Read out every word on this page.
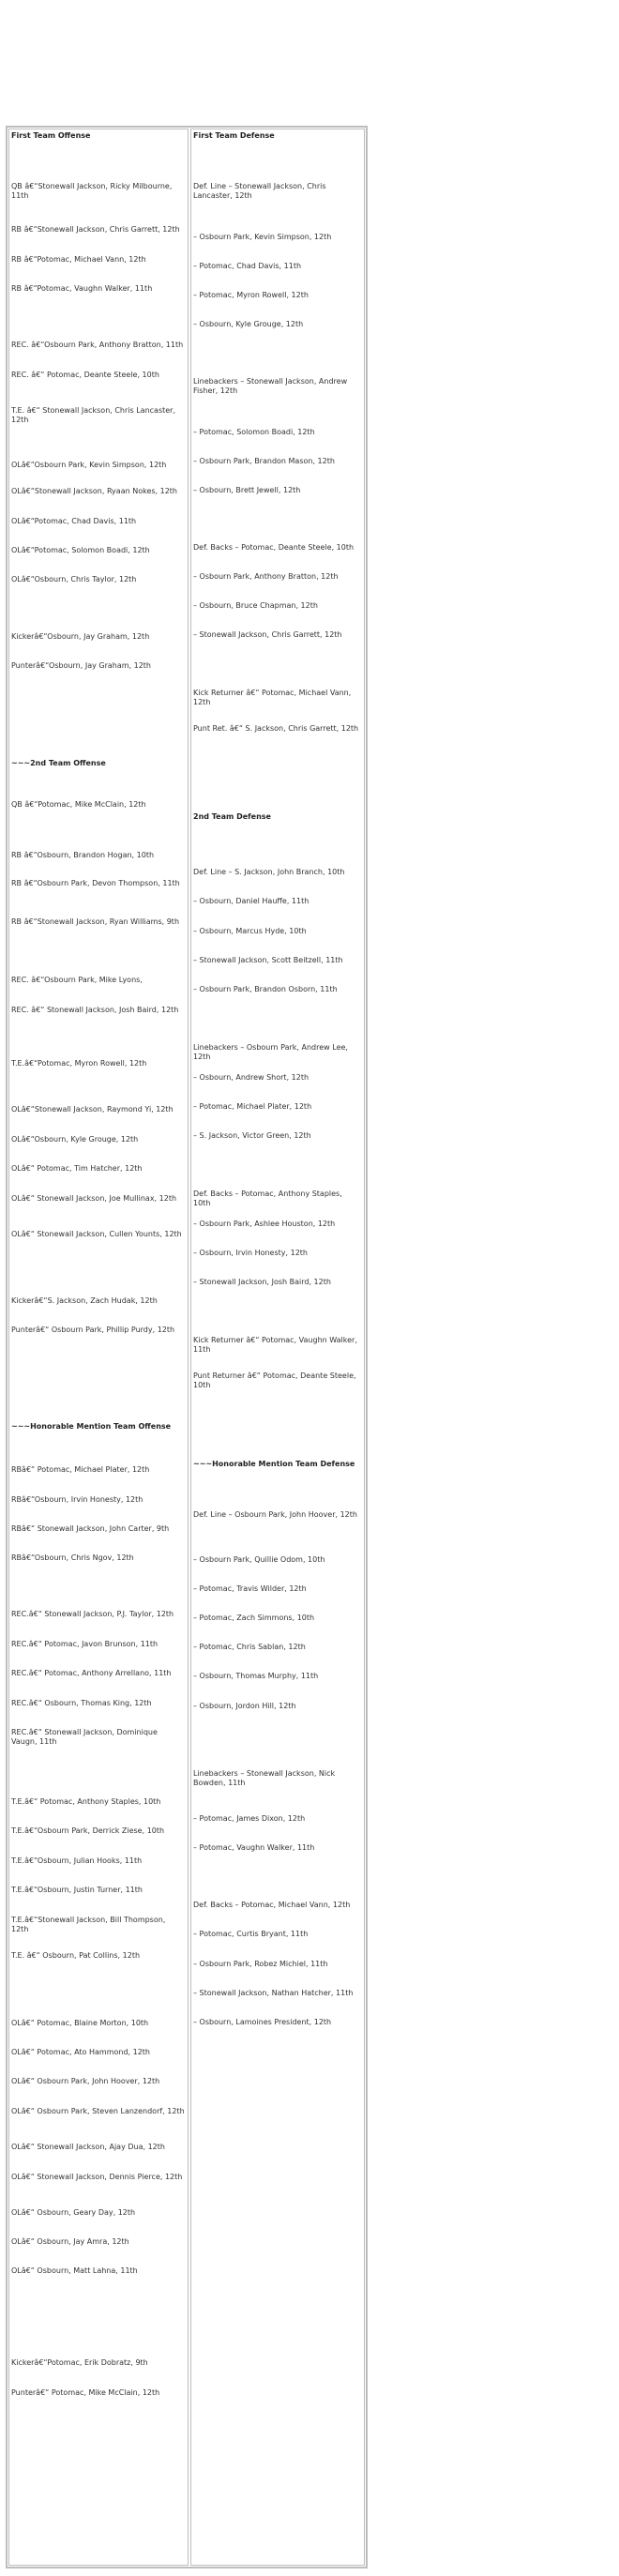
First Team Offense

QB â€“Stonewall Jackson, Ricky Milbourne, 11th

RB â€“Stonewall Jackson, Chris Garrett, 12th

RB â€“Potomac, Michael Vann, 12th

RB â€“Potomac, Vaughn Walker, 11th

REC. â€“Osbourn Park, Anthony Bratton, 11th

REC. â€“ Potomac, Deante Steele, 10th

T.E. â€“ Stonewall Jackson, Chris Lancaster, 12th

OLâ€“Osbourn Park, Kevin Simpson, 12th

OLâ€“Stonewall Jackson, Ryaan Nokes, 12th

OLâ€“Potomac, Chad Davis, 11th

OLâ€“Potomac, Solomon Boadi, 12th

OLâ€“Osbourn, Chris Taylor, 12th

Kickerâ€“Osbourn, Jay Graham, 12th

Punterâ€“Osbourn, Jay Graham, 12th

~~~2nd Team Offense

QB â€“Potomac, Mike McClain, 12th

RB â€“Osbourn, Brandon Hogan, 10th

RB â€“Osbourn Park, Devon Thompson, 11th

RB â€“Stonewall Jackson, Ryan Williams, 9th

REC. â€“Osbourn Park, Mike Lyons,

REC. â€“ Stonewall Jackson, Josh Baird, 12th

T.E.â€“Potomac, Myron Rowell, 12th

OLâ€“Stonewall Jackson, Raymond Yi, 12th

OLâ€“Osbourn, Kyle Grouge, 12th

OLâ€“ Potomac, Tim Hatcher, 12th

OLâ€“ Stonewall Jackson, Joe Mullinax, 12th

OLâ€“ Stonewall Jackson, Cullen Younts, 12th

Kickerâ€“S. Jackson, Zach Hudak, 12th

Punterâ€“ Osbourn Park, Phillip Purdy, 12th

~~~Honorable Mention Team Offense

RBâ€“ Potomac, Michael Plater, 12th

RBâ€“Osbourn, Irvin Honesty, 12th

RBâ€“ Stonewall Jackson, John Carter, 9th

RBâ€“Osbourn, Chris Ngov, 12th

REC.â€“ Stonewall Jackson, P.J. Taylor, 12th

REC.â€“ Potomac, Javon Brunson, 11th

REC.â€“ Potomac, Anthony Arrellano, 11th

REC.â€“ Osbourn, Thomas King, 12th

REC.â€“ Stonewall Jackson, Dominique Vaugn, 11th

T.E.â€“ Potomac, Anthony Staples, 10th

T.E.â€“Osbourn Park, Derrick Ziese, 10th

T.E.â€“Osbourn, Julian Hooks, 11th

T.E.â€“Osbourn, Justin Turner, 11th

T.E.â€“Stonewall Jackson, Bill Thompson, 12th

T.E. â€“ Osbourn, Pat Collins, 12th

OLâ€“ Potomac, Blaine Morton, 10th

OLâ€“ Potomac, Ato Hammond, 12th

OLâ€“ Osbourn Park, John Hoover, 12th

OLâ€“ Osbourn Park, Steven Lanzendorf, 12th

OLâ€“ Stonewall Jackson, Ajay Dua, 12th

OLâ€“ Stonewall Jackson, Dennis Pierce, 12th

OLâ€“ Osbourn, Geary Day, 12th

OLâ€“ Osbourn, Jay Amra, 12th

OLâ€“ Osbourn, Matt Lahna, 11th

Kickerâ€“Potomac, Erik Dobratz, 9th

Punterâ€“ Potomac, Mike McClain, 12th

First Team Defense

Def. Line – Stonewall Jackson, Chris Lancaster, 12th

– Osbourn Park, Kevin Simpson, 12th

– Potomac, Chad Davis, 11th

– Potomac, Myron Rowell, 12th

– Osbourn, Kyle Grouge, 12th

Linebackers – Stonewall Jackson, Andrew Fisher, 12th

– Potomac, Solomon Boadi, 12th

– Osbourn Park, Brandon Mason, 12th

– Osbourn, Brett Jewell, 12th

Def. Backs – Potomac, Deante Steele, 10th

– Osbourn Park, Anthony Bratton, 12th

– Osbourn, Bruce Chapman, 12th

– Stonewall Jackson, Chris Garrett, 12th

Kick Returner â€“ Potomac, Michael Vann, 12th

Punt Ret. â€“ S. Jackson, Chris Garrett, 12th

2nd Team Defense

Def. Line – S. Jackson, John Branch, 10th

– Osbourn, Daniel Hauffe, 11th

– Osbourn, Marcus Hyde, 10th

– Stonewall Jackson, Scott Beitzell, 11th

– Osbourn Park, Brandon Osborn, 11th

Linebackers – Osbourn Park, Andrew Lee, 12th

– Osbourn, Andrew Short, 12th

– Potomac, Michael Plater, 12th

– S. Jackson, Victor Green, 12th

Def. Backs – Potomac, Anthony Staples, 10th

– Osbourn Park, Ashlee Houston, 12th

– Osbourn, Irvin Honesty, 12th

– Stonewall Jackson, Josh Baird, 12th

Kick Returner â€“ Potomac, Vaughn Walker, 11th

Punt Returner â€“ Potomac, Deante Steele, 10th

~~~Honorable Mention Team Defense

Def. Line – Osbourn Park, John Hoover, 12th

– Osbourn Park, Quillie Odom, 10th

– Potomac, Travis Wilder, 12th

– Potomac, Zach Simmons, 10th

– Potomac, Chris Sablan, 12th

– Osbourn, Thomas Murphy, 11th

– Osbourn, Jordon Hill, 12th

Linebackers – Stonewall Jackson, Nick Bowden, 11th

– Potomac, James Dixon, 12th

– Potomac, Vaughn Walker, 11th

Def. Backs – Potomac, Michael Vann, 12th

– Potomac, Curtis Bryant, 11th

– Osbourn Park, Robez Michiel, 11th

– Stonewall Jackson, Nathan Hatcher, 11th

– Osbourn, Lamoines President, 12th
